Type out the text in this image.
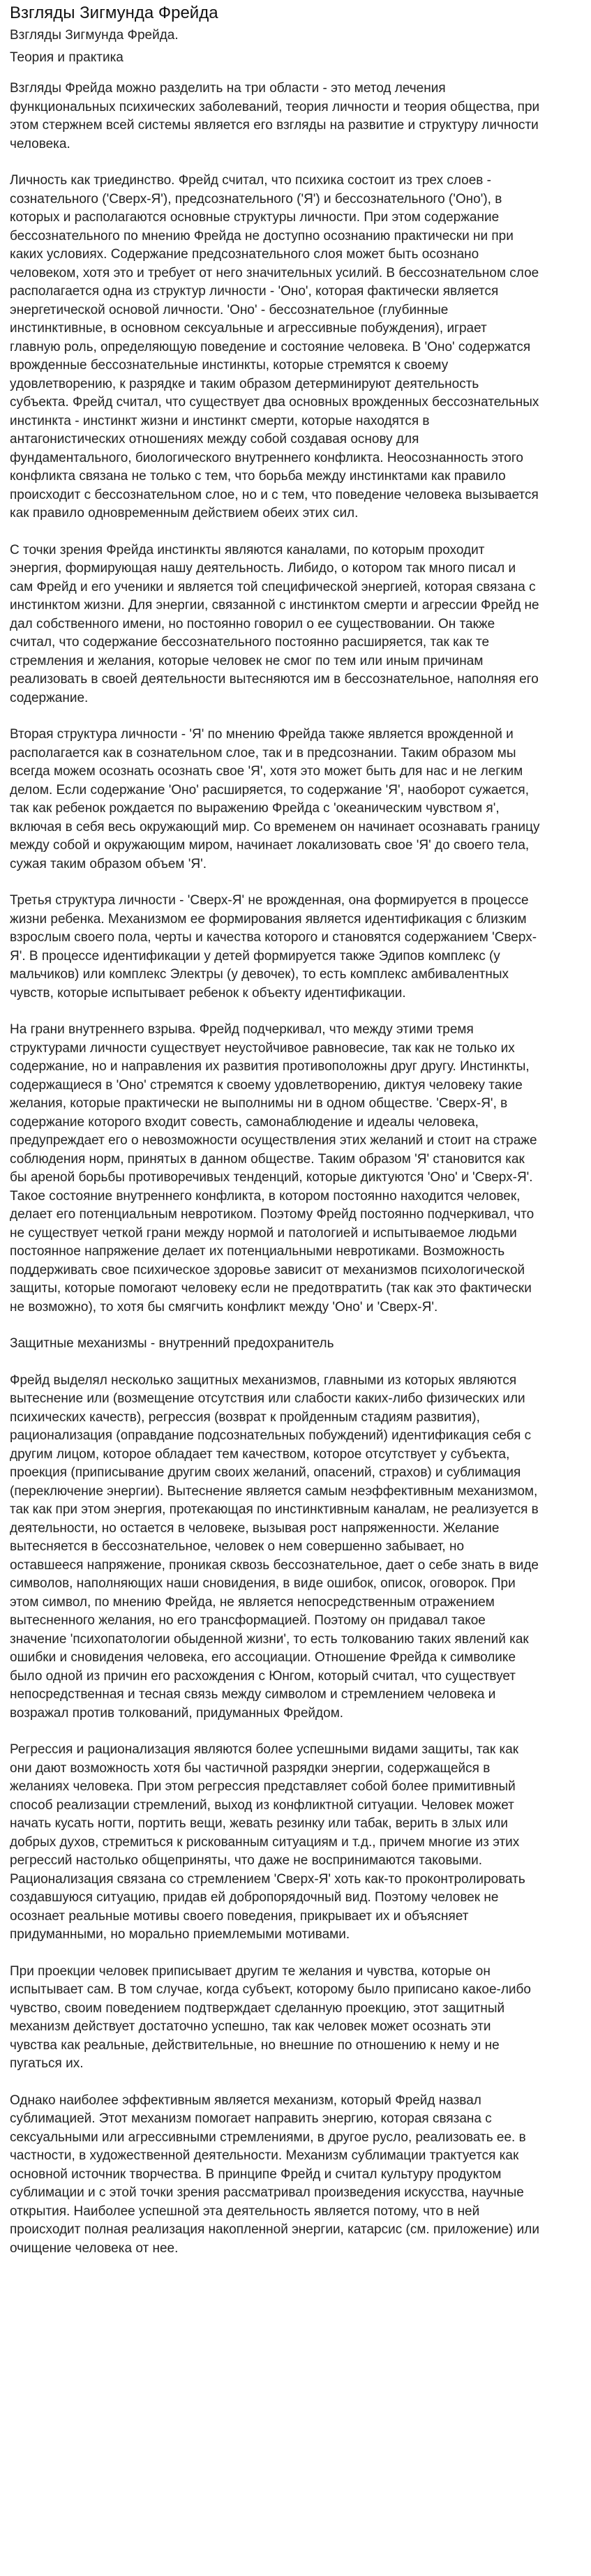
Взгляды Зигмунда Фрейда
Взгляды Зигмунда Фрейда.
Теория и практика

Взгляды Фрейда можно разделить на три области - это метод лечения функциональных психических заболеваний, теория личности и теория общества, при этом стержнем всей системы является его взгляды на развитие и структуру личности человека.

Личность как триединство. Фрейд считал, что психика состоит из трех слоев - сознательного ('Сверх-Я'), предсознательного ('Я') и бессознательного ('Оно'), в которых и располагаются основные структуры личности. При этом содержание бессознательного по мнению Фрейда не доступно осознанию практически ни при каких условиях. Содержание предсознательного слоя может быть осознано человеком, хотя это и требует от него значительных усилий. В бессознательном слое располагается одна из структур личности - 'Оно', которая фактически является энергетической основой личности. 'Оно' - бессознательное (глубинные инстинктивные, в основном сексуальные и агрессивные побуждения), играет главную роль, определяющую поведение и состояние человека. В 'Оно' содержатся врожденные бессознательные инстинкты, которые стремятся к своему удовлетворению, к разрядке и таким образом детерминируют деятельность субъекта. Фрейд считал, что существует два основных врожденных бессознательных инстинкта - инстинкт жизни и инстинкт смерти, которые находятся в антагонистических отношениях между собой создавая основу для фундаментального, биологического внутреннего конфликта. Неосознанность этого конфликта связана не только с тем, что борьба между инстинктами как правило происходит с бессознательном слое, но и с тем, что поведение человека вызывается как правило одновременным действием обеих этих сил.

С точки зрения Фрейда инстинкты являются каналами, по которым проходит энергия, формирующая нашу деятельность. Либидо, о котором так много писал и сам Фрейд и его ученики и является той специфической энергией, которая связана с инстинктом жизни. Для энергии, связанной с инстинктом смерти и агрессии Фрейд не дал собственного имени, но постоянно говорил о ее существовании. Он также считал, что содержание бессознательного постоянно расширяется, так как те стремления и желания, которые человек не смог по тем или иным причинам реализовать в своей деятельности вытесняются им в бессознательное, наполняя его содержание.

Вторая структура личности - 'Я' по мнению Фрейда также является врожденной и располагается как в сознательном слое, так и в предсознании. Таким образом мы всегда можем осознать осознать свое 'Я', хотя это может быть для нас и не легким делом. Если содержание 'Оно' расширяется, то содержание 'Я', наоборот сужается, так как ребенок рождается по выражению Фрейда с 'океаническим чувством я', включая в себя весь окружающий мир. Со временем он начинает осознавать границу между собой и окружающим миром, начинает локализовать свое 'Я' до своего тела, сужая таким образом объем 'Я'.

Третья структура личности - 'Сверх-Я' не врожденная, она формируется в процессе жизни ребенка. Механизмом ее формирования является идентификация с близким взрослым своего пола, черты и качества которого и становятся содержанием 'Сверх-Я'. В процессе идентификации у детей формируется также Эдипов комплекс (у мальчиков) или комплекс Электры (у девочек), то есть комплекс амбивалентных чувств, которые испытывает ребенок к объекту идентификации.

На грани внутреннего взрыва. Фрейд подчеркивал, что между этими тремя структурами личности существует неустойчивое равновесие, так как не только их содержание, но и направления их развития противоположны друг другу. Инстинкты, содержащиеся в 'Оно' стремятся к своему удовлетворению, диктуя человеку такие желания, которые практически не выполнимы ни в одном обществе. 'Сверх-Я', в содержание которого входит совесть, самонаблюдение и идеалы человека, предупреждает его о невозможности осуществления этих желаний и стоит на страже соблюдения норм, принятых в данном обществе. Таким образом 'Я' становится как бы ареной борьбы противоречивых тенденций, которые диктуются 'Оно' и 'Сверх-Я'. Такое состояние внутреннего конфликта, в котором постоянно находится человек, делает его потенциальным невротиком. Поэтому Фрейд постоянно подчеркивал, что не существует четкой грани между нормой и патологией и испытываемое людьми постоянное напряжение делает их потенциальными невротиками. Возможность поддерживать свое психическое здоровье зависит от механизмов психологической защиты, которые помогают человеку если не предотвратить (так как это фактически не возможно), то хотя бы смягчить конфликт между 'Оно' и 'Сверх-Я'.

Защитные механизмы - внутренний предохранитель

Фрейд выделял несколько защитных механизмов, главными из которых являются вытеснение или (возмещение отсутствия или слабости каких-либо физических или психических качеств), регрессия (возврат к пройденным стадиям развития), рационализация (оправдание подсознательных побуждений) идентификация себя с другим лицом, которое обладает тем качеством, которое отсутствует у субъекта, проекция (приписывание другим своих желаний, опасений, страхов) и сублимация (переключение энергии). Вытеснение является самым неэффективным механизмом, так как при этом энергия, протекающая по инстинктивным каналам, не реализуется в деятельности, но остается в человеке, вызывая рост напряженности. Желание вытесняется в бессознательное, человек о нем совершенно забывает, но оставшееся напряжение, проникая сквозь бессознательное, дает о себе знать в виде символов, наполняющих наши сновидения, в виде ошибок, описок, оговорок. При этом символ, по мнению Фрейда, не является непосредственным отражением вытесненного желания, но его трансформацией. Поэтому он придавал такое значение 'психопатологии обыденной жизни', то есть толкованию таких явлений как ошибки и сновидения человека, его ассоциации. Отношение Фрейда к символике было одной из причин его расхождения с Юнгом, который считал, что существует непосредственная и тесная связь между символом и стремлением человека и возражал против толкований, придуманных Фрейдом.

Регрессия и рационализация являются более успешными видами защиты, так как они дают возможность хотя бы частичной разрядки энергии, содержащейся в желаниях человека. При этом регрессия представляет собой более примитивный способ реализации стремлений, выход из конфликтной ситуации. Человек может начать кусать ногти, портить вещи, жевать резинку или табак, верить в злых или добрых духов, стремиться к рискованным ситуациям и т.д., причем многие из этих регрессий настолько общеприняты, что даже не воспринимаются таковыми. Рационализация связана со стремлением 'Сверх-Я' хоть как-то проконтролировать создавшуюся ситуацию, придав ей добропорядочный вид. Поэтому человек не осознает реальные мотивы своего поведения, прикрывает их и объясняет придуманными, но морально приемлемыми мотивами.

При проекции человек приписывает другим те желания и чувства, которые он испытывает сам. В том случае, когда субъект, которому было приписано какое-либо чувство, своим поведением подтверждает сделанную проекцию, этот защитный механизм действует достаточно успешно, так как человек может осознать эти чувства как реальные, действительные, но внешние по отношению к нему и не пугаться их.

Однако наиболее эффективным является механизм, который Фрейд назвал сублимацией. Этот механизм помогает направить энергию, которая связана с сексуальными или агрессивными стремлениями, в другое русло, реализовать ее. в частности, в художественной деятельности. Механизм сублимации трактуется как основной источник творчества. В принципе Фрейд и считал культуру продуктом сублимации и с этой точки зрения рассматривал произведения искусства, научные открытия. Наиболее успешной эта деятельность является потому, что в ней происходит полная реализация накопленной энергии, катарсис (см. приложение) или очищение человека от нее.
